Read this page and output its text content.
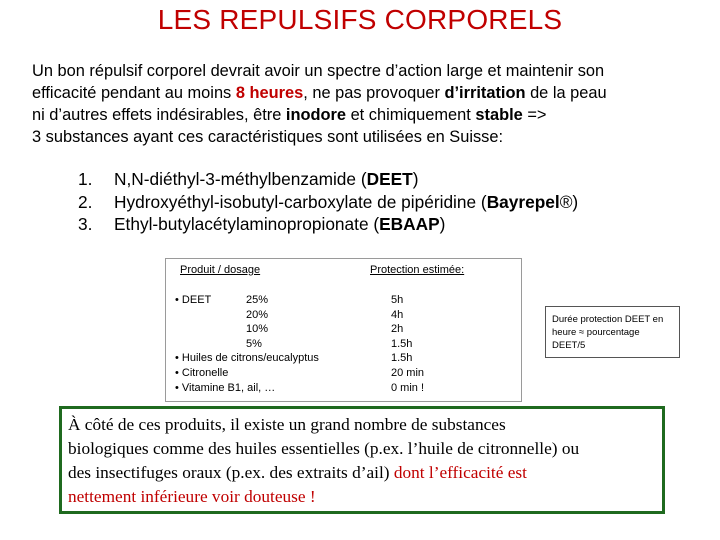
LES REPULSIFS CORPORELS
Un bon répulsif corporel devrait avoir un spectre d’action large et maintenir son
efficacité pendant au moins 8 heures, ne pas provoquer d’irritation de la peau
ni d’autres effets indésirables, être inodore et chimiquement stable =>
3 substances ayant ces caractéristiques sont utilisées en Suisse:
1. N,N-diéthyl-3-méthylbenzamide (DEET)
2. Hydroxyéthyl-isobutyl-carboxylate de pipéridine (Bayrepel®)
3. Ethyl-butylacétylaminopropionate (EBAAP)
Produit / dosage	Protection estimée:
• DEET

• Huiles de citrons/eucalyptus
• Citronelle
• Vitamine B1, ail, …
25%
20%
10%
5%
5h
4h
2h
1.5h
1.5h
20 min
0 min !
Durée protection DEET en
heure ≈ pourcentage
DEET/5
À côté de ces produits, il existe un grand nombre de substances
biologiques comme des huiles essentielles (p.ex. l’huile de citronnelle) ou
des insectifuges oraux (p.ex. des extraits d’ail) dont l’efficacité est
nettement inférieure voir douteuse !
